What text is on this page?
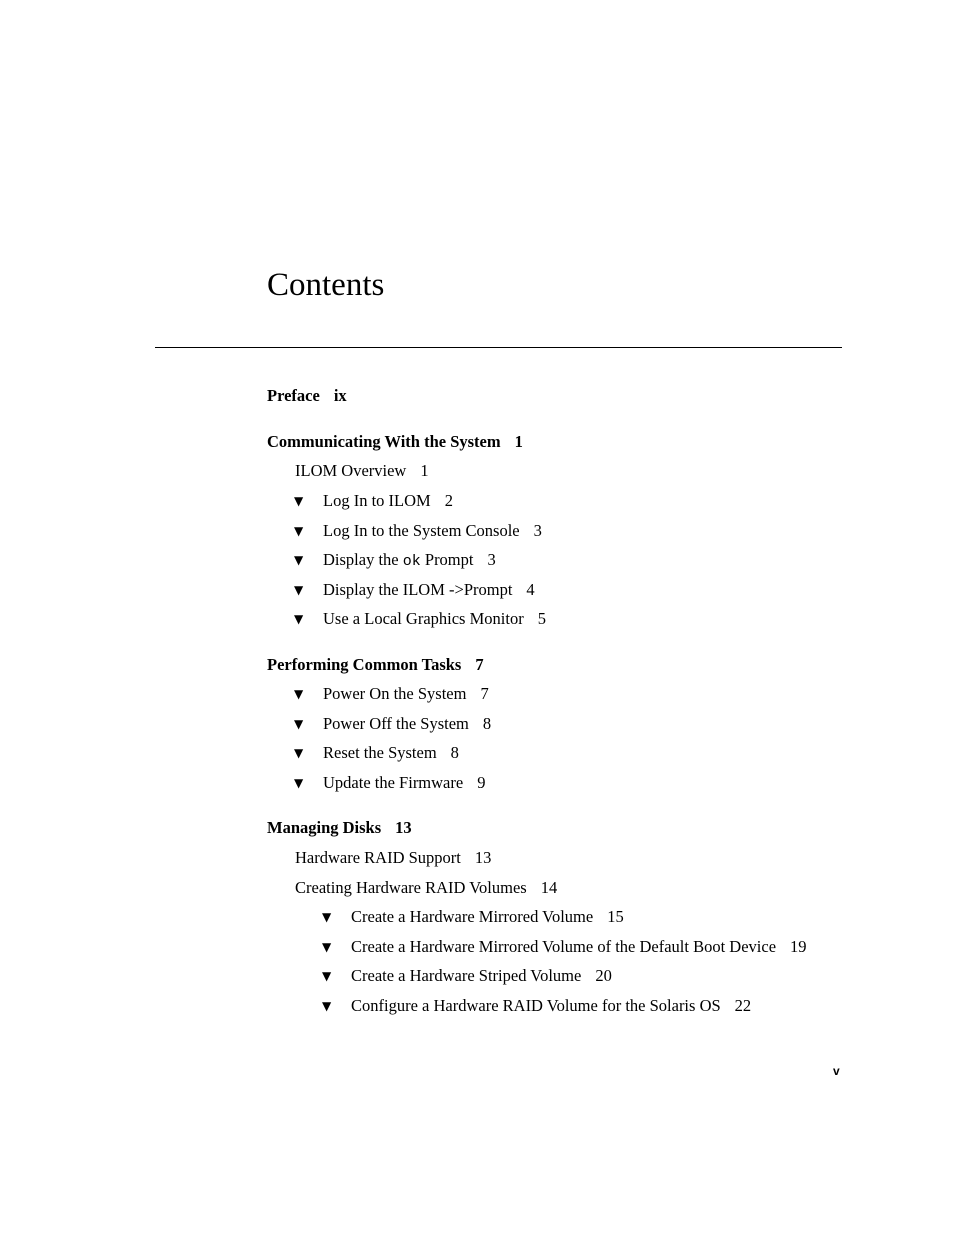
Contents
Preface ix
Communicating With the System 1
ILOM Overview 1
▼ Log In to ILOM 2
▼ Log In to the System Console 3
▼ Display the ok Prompt 3
▼ Display the ILOM ->Prompt 4
▼ Use a Local Graphics Monitor 5
Performing Common Tasks 7
▼ Power On the System 7
▼ Power Off the System 8
▼ Reset the System 8
▼ Update the Firmware 9
Managing Disks 13
Hardware RAID Support 13
Creating Hardware RAID Volumes 14
▼ Create a Hardware Mirrored Volume 15
▼ Create a Hardware Mirrored Volume of the Default Boot Device 19
▼ Create a Hardware Striped Volume 20
▼ Configure a Hardware RAID Volume for the Solaris OS 22
v
